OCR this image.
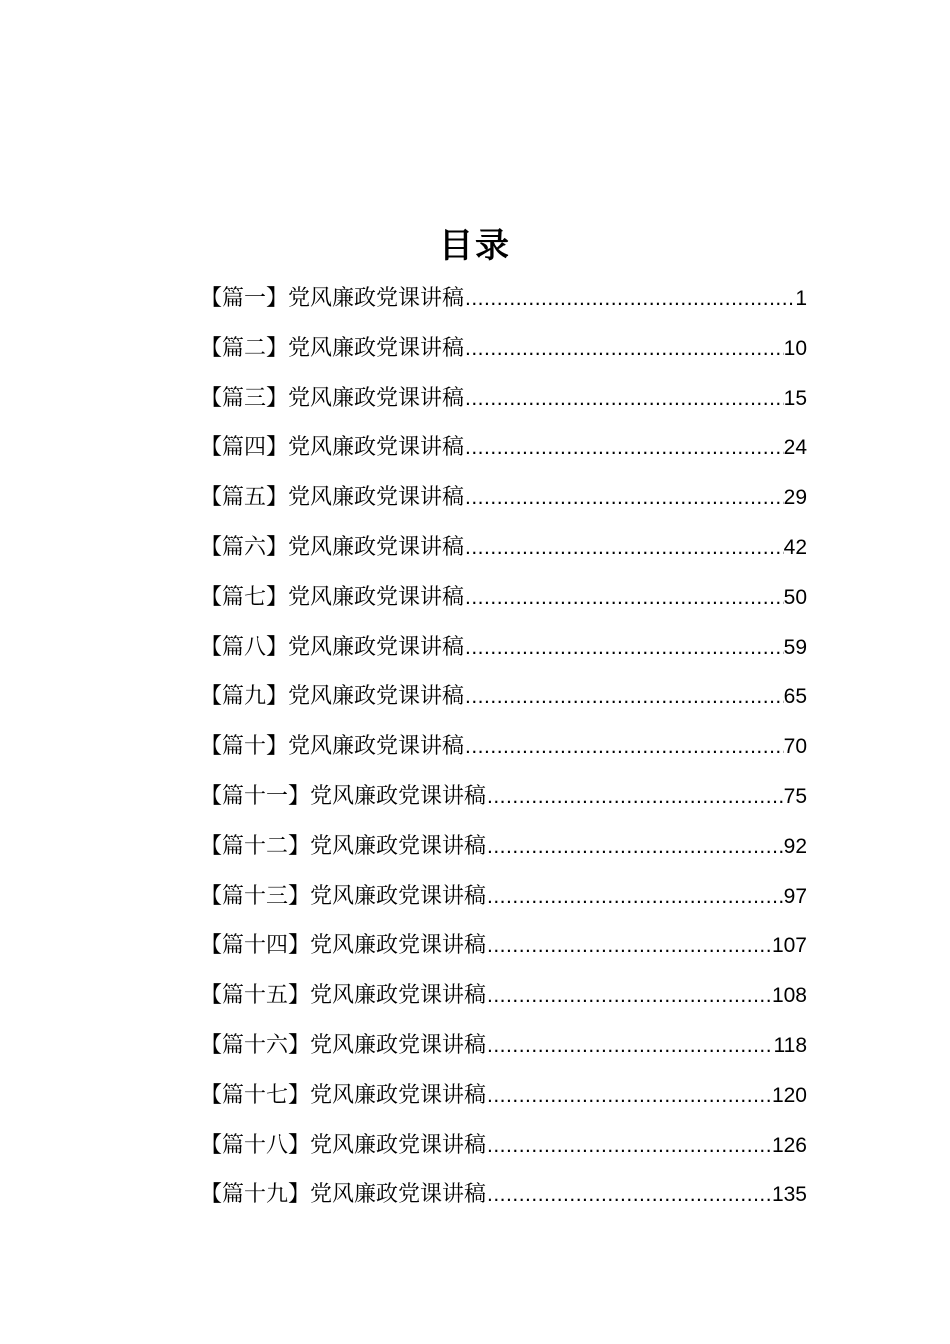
目录
【篇一】党风廉政党课讲稿 .....	1
【篇二】党风廉政党课讲稿 .....	10
【篇三】党风廉政党课讲稿 .....	15
【篇四】党风廉政党课讲稿 .....	24
【篇五】党风廉政党课讲稿 .....	29
【篇六】党风廉政党课讲稿 .....	42
【篇七】党风廉政党课讲稿 .....	50
【篇八】党风廉政党课讲稿 .....	59
【篇九】党风廉政党课讲稿 .....	65
【篇十】党风廉政党课讲稿 .....	70
【篇十一】党风廉政党课讲稿 .....	75
【篇十二】党风廉政党课讲稿 .....	92
【篇十三】党风廉政党课讲稿 .....	97
【篇十四】党风廉政党课讲稿 .....	107
【篇十五】党风廉政党课讲稿 .....	108
【篇十六】党风廉政党课讲稿 .....	118
【篇十七】党风廉政党课讲稿 .....	120
【篇十八】党风廉政党课讲稿 .....	126
【篇十九】党风廉政党课讲稿 .....	135
